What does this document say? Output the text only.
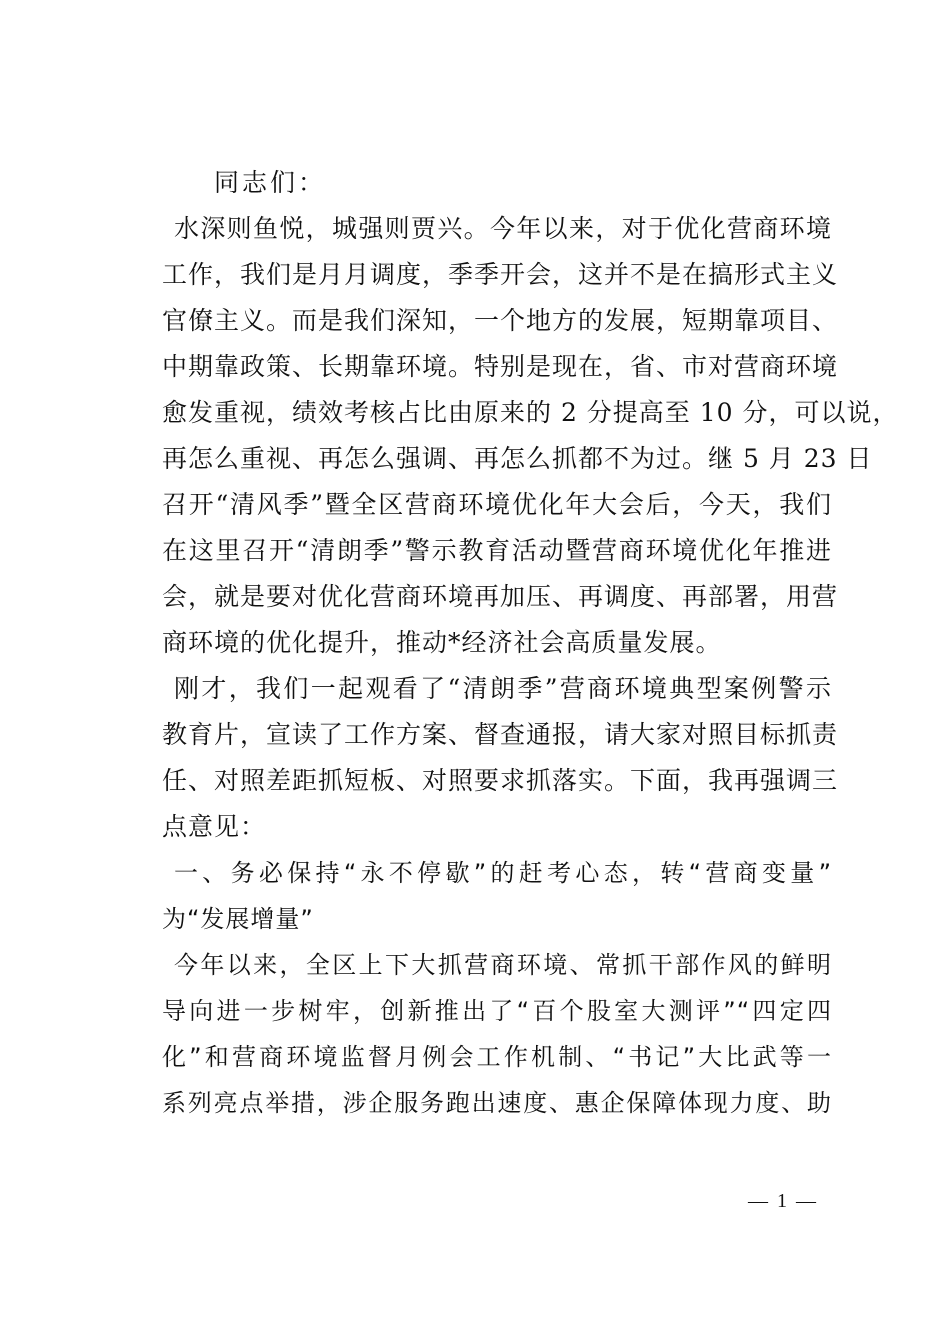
同志们：
水深则鱼悦，城强则贾兴。今年以来，对于优化营商环境
工作，我们是月月调度，季季开会，这并不是在搞形式主义
官僚主义。而是我们深知，一个地方的发展，短期靠项目、
中期靠政策、长期靠环境。特别是现在，省、市对营商环境
愈发重视，绩效考核占比由原来的 2 分提高至 10 分，可以说，
再怎么重视、再怎么强调、再怎么抓都不为过。继 5 月 23 日
召开“清风季”暨全区营商环境优化年大会后，今天，我们
在这里召开“清朗季”警示教育活动暨营商环境优化年推进
会，就是要对优化营商环境再加压、再调度、再部署，用营
商环境的优化提升，推动*经济社会高质量发展。
刚才，我们一起观看了“清朗季”营商环境典型案例警示
教育片，宣读了工作方案、督查通报，请大家对照目标抓责
任、对照差距抓短板、对照要求抓落实。下面，我再强调三
点意见：
一、务必保持“永不停歇”的赶考心态，转“营商变量”
为“发展增量”
今年以来，全区上下大抓营商环境、常抓干部作风的鲜明
导向进一步树牢，创新推出了“百个股室大测评”“四定四
化”和营商环境监督月例会工作机制、“书记”大比武等一
系列亮点举措，涉企服务跑出速度、惠企保障体现力度、助
— 1 —
